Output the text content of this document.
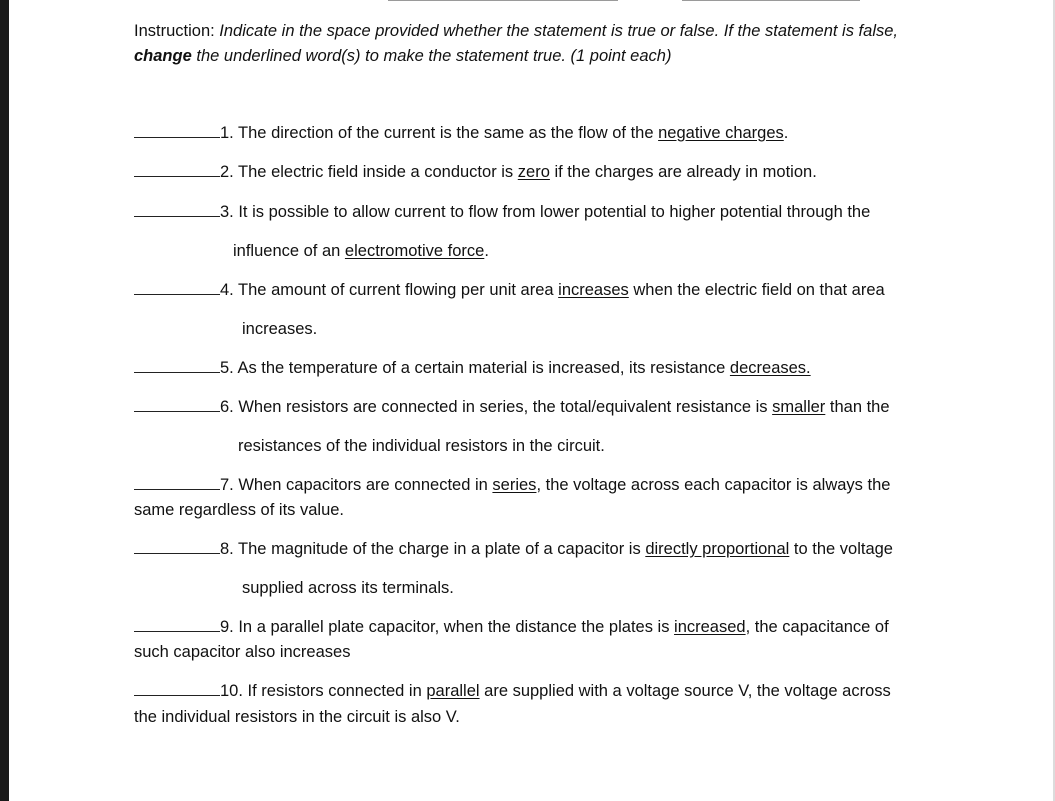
Instruction: Indicate in the space provided whether the statement is true or false. If the statement is false, change the underlined word(s) to make the statement true. (1 point each)
1. The direction of the current is the same as the flow of the negative charges.
2. The electric field inside a conductor is zero if the charges are already in motion.
3. It is possible to allow current to flow from lower potential to higher potential through the
influence of an electromotive force.
4. The amount of current flowing per unit area increases when the electric field on that area
increases.
5. As the temperature of a certain material is increased, its resistance decreases.
6. When resistors are connected in series, the total/equivalent resistance is smaller than the
resistances of the individual resistors in the circuit.
7. When capacitors are connected in series, the voltage across each capacitor is always the
same regardless of its value.
8. The magnitude of the charge in a plate of a capacitor is directly proportional to the voltage
supplied across its terminals.
9. In a parallel plate capacitor, when the distance the plates is increased, the capacitance of
such capacitor also increases
10. If resistors connected in parallel are supplied with a voltage source V, the voltage across
the individual resistors in the circuit is also V.
